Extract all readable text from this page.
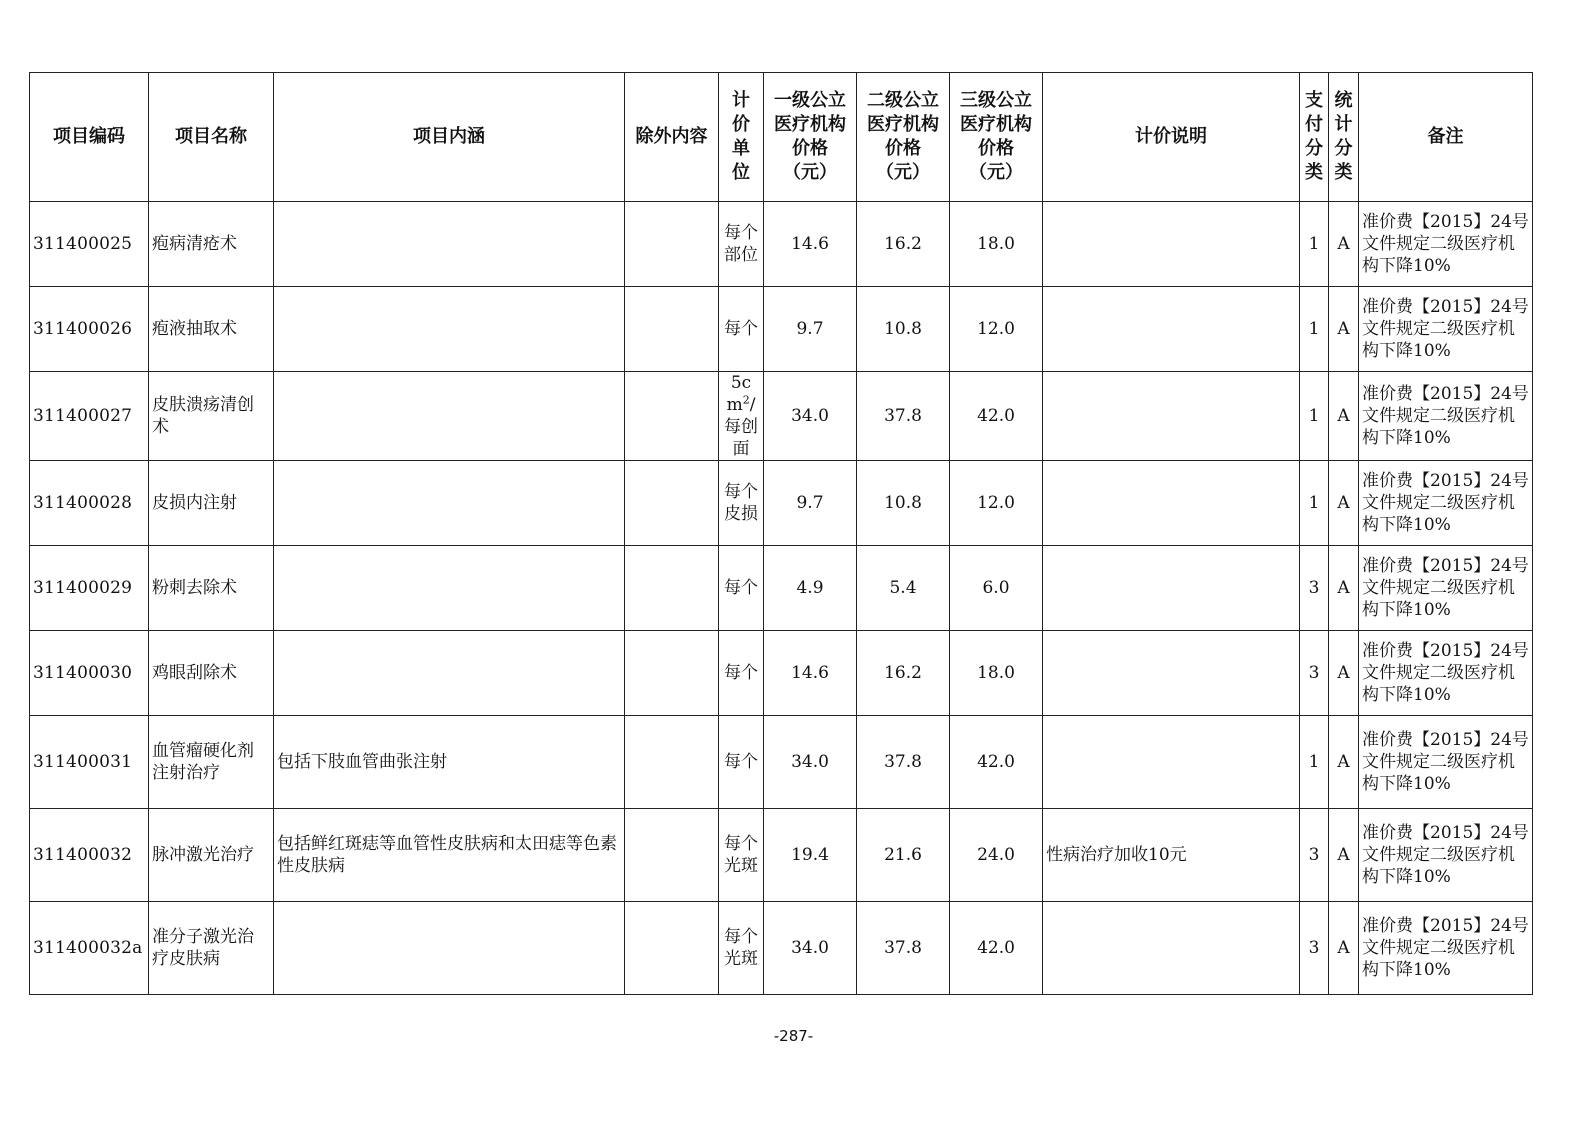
项目编码	项目名称	项目内涵	除外内容	计价单位	一级公立医疗机构价格（元）	二级公立医疗机构价格（元）	三级公立医疗机构价格（元）	计价说明	支付分类	统计分类	备注
311400025	疱病清疮术			每个部位	14.6	16.2	18.0		1	A	准价费【2015】24号文件规定二级医疗机构下降10%
311400026	疱液抽取术			每个	9.7	10.8	12.0		1	A	准价费【2015】24号文件规定二级医疗机构下降10%
311400027	皮肤溃疡清创术			$5cm^2/$每创面	34.0	37.8	42.0		1	A	准价费【2015】24号文件规定二级医疗机构下降10%
311400028	皮损内注射			每个皮损	9.7	10.8	12.0		1	A	准价费【2015】24号文件规定二级医疗机构下降10%
311400029	粉刺去除术			每个	4.9	5.4	6.0		3	A	准价费【2015】24号文件规定二级医疗机构下降10%
311400030	鸡眼刮除术			每个	14.6	16.2	18.0		3	A	准价费【2015】24号文件规定二级医疗机构下降10%
311400031	血管瘤硬化剂注射治疗	包括下肢血管曲张注射		每个	34.0	37.8	42.0		1	A	准价费【2015】24号文件规定二级医疗机构下降10%
311400032	脉冲激光治疗	包括鲜红斑痣等血管性皮肤病和太田痣等色素性皮肤病		每个光斑	19.4	21.6	24.0	性病治疗加收10元	3	A	准价费【2015】24号文件规定二级医疗机构下降10%
311400032a	准分子激光治疗皮肤病			每个光斑	34.0	37.8	42.0		3	A	准价费【2015】24号文件规定二级医疗机构下降10%
-287-
